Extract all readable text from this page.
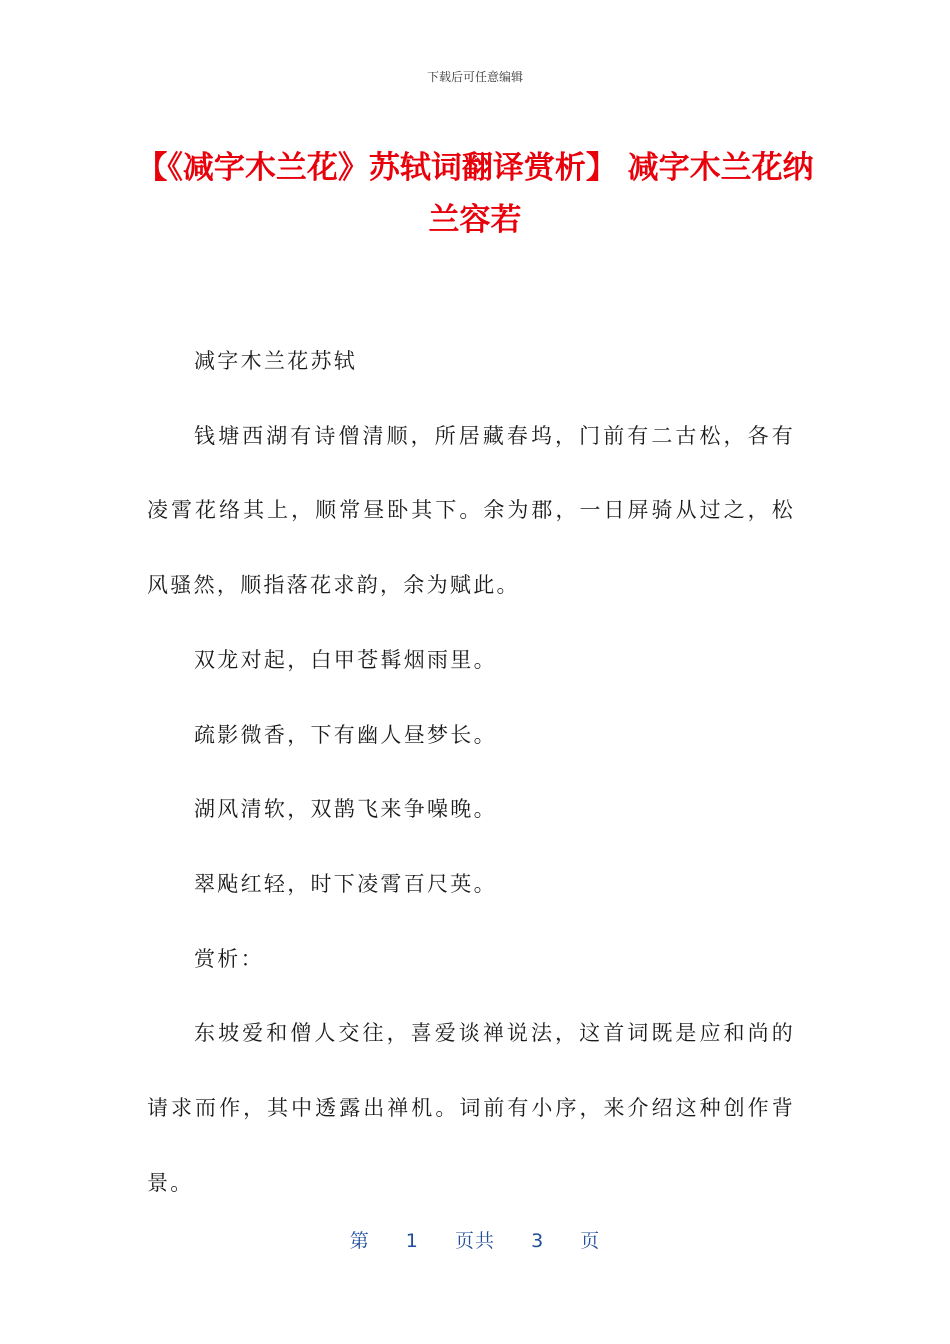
下载后可任意编辑
【《减字木兰花》苏轼词翻译赏析】 减字木兰花纳兰容若

减字木兰花苏轼

钱塘西湖有诗僧清顺，所居藏春坞，门前有二古松，各有凌霄花络其上，顺常昼卧其下。余为郡，一日屏骑从过之，松风骚然，顺指落花求韵，余为赋此。

双龙对起，白甲苍髯烟雨里。

疏影微香，下有幽人昼梦长。

湖风清软，双鹊飞来争噪晚。

翠飐红轻，时下凌霄百尺英。

赏析：

东坡爱和僧人交往，喜爱谈禅说法，这首词既是应和尚的请求而作，其中透露出禅机。词前有小序，来介绍这种创作背景。

第 1 页共 3 页
